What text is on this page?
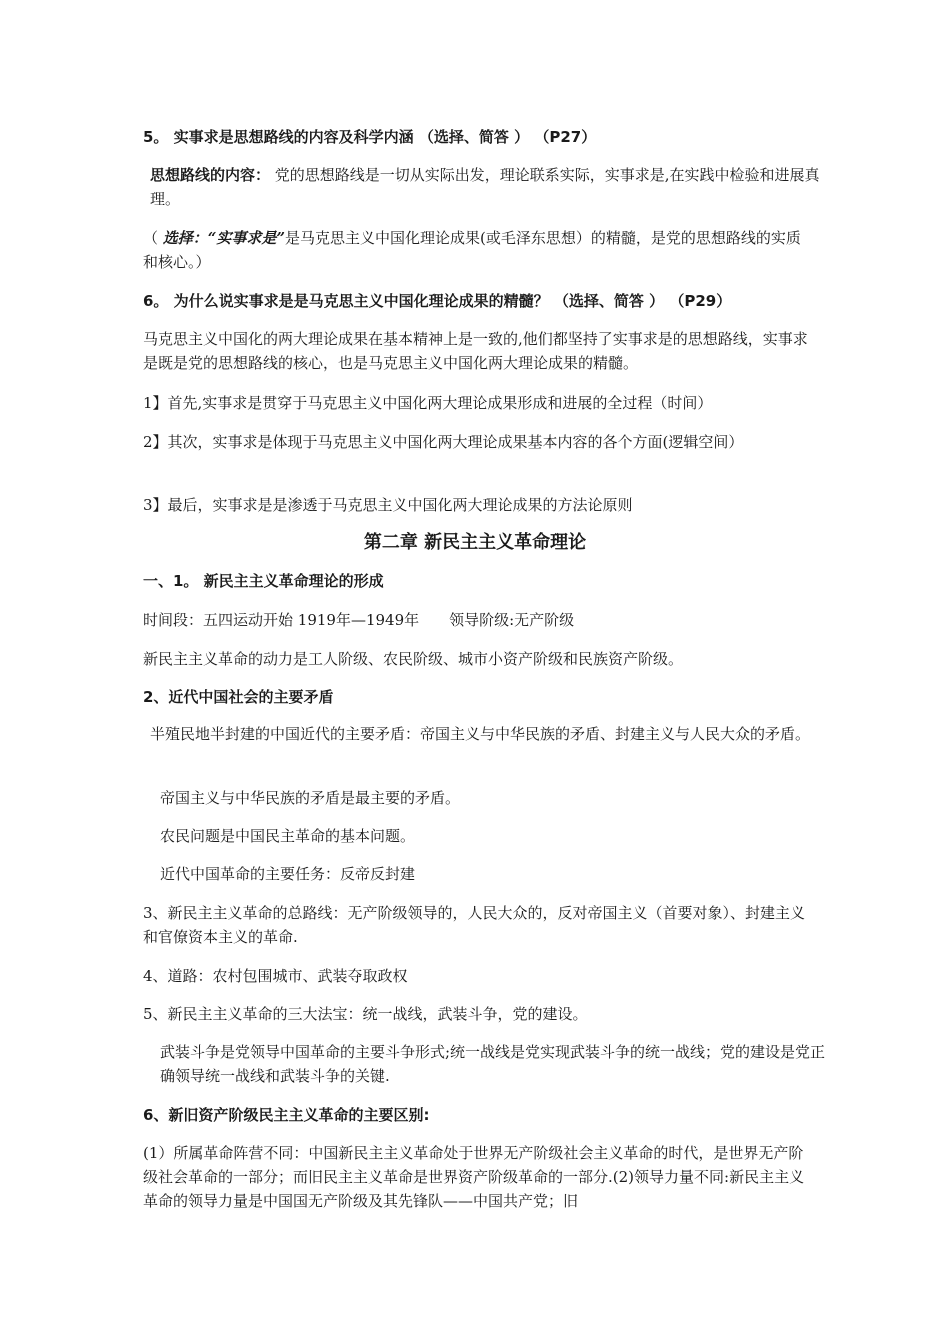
5。 实事求是思想路线的内容及科学内涵 （选择、简答 ） （P27）

思想路线的内容： 党的思想路线是一切从实际出发，理论联系实际，实事求是,在实践中检验和进展真理。

（ 选择：“实事求是”是马克思主义中国化理论成果(或毛泽东思想）的精髓，是党的思想路线的实质和核心。）

6。 为什么说实事求是是马克思主义中国化理论成果的精髓？ （选择、简答 ） （P29）

马克思主义中国化的两大理论成果在基本精神上是一致的,他们都坚持了实事求是的思想路线，实事求是既是党的思想路线的核心，也是马克思主义中国化两大理论成果的精髓。

1】首先,实事求是贯穿于马克思主义中国化两大理论成果形成和进展的全过程（时间）

2】其次，实事求是体现于马克思主义中国化两大理论成果基本内容的各个方面(逻辑空间）

3】最后，实事求是是渗透于马克思主义中国化两大理论成果的方法论原则

第二章 新民主主义革命理论

一、1。 新民主主义革命理论的形成

时间段：五四运动开始 1919年—1949年 领导阶级:无产阶级

新民主主义革命的动力是工人阶级、农民阶级、城市小资产阶级和民族资产阶级。

2、近代中国社会的主要矛盾

半殖民地半封建的中国近代的主要矛盾：帝国主义与中华民族的矛盾、封建主义与人民大众的矛盾。

帝国主义与中华民族的矛盾是最主要的矛盾。

农民问题是中国民主革命的基本问题。

近代中国革命的主要任务：反帝反封建

3、新民主主义革命的总路线：无产阶级领导的，人民大众的，反对帝国主义（首要对象）、封建主义和官僚资本主义的革命.

4、道路：农村包围城市、武装夺取政权

5、新民主主义革命的三大法宝：统一战线，武装斗争，党的建设。

武装斗争是党领导中国革命的主要斗争形式;统一战线是党实现武装斗争的统一战线；党的建设是党正确领导统一战线和武装斗争的关键.

6、新旧资产阶级民主主义革命的主要区别:

(1）所属革命阵营不同：中国新民主主义革命处于世界无产阶级社会主义革命的时代，是世界无产阶级社会革命的一部分；而旧民主主义革命是世界资产阶级革命的一部分.(2)领导力量不同:新民主主义革命的领导力量是中国国无产阶级及其先锋队——中国共产党；旧
